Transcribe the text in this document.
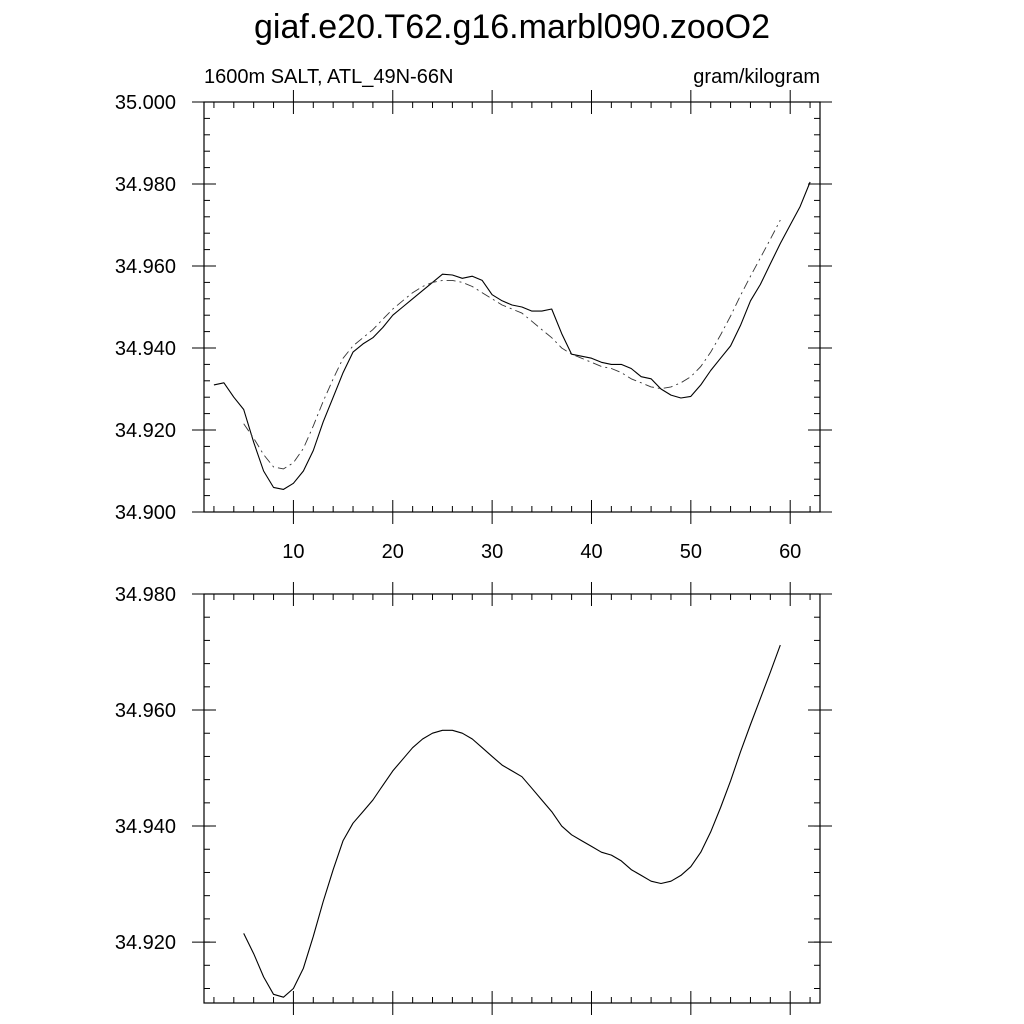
giaf.e20.T62.g16.marbl090.zooO2
1600m SALT, ATL_49N-66N	gram/kilogram
10	20	30	40	50	60
34.900
34.920
34.940
34.960
34.980
35.000
34.920
34.940
34.960
34.980
